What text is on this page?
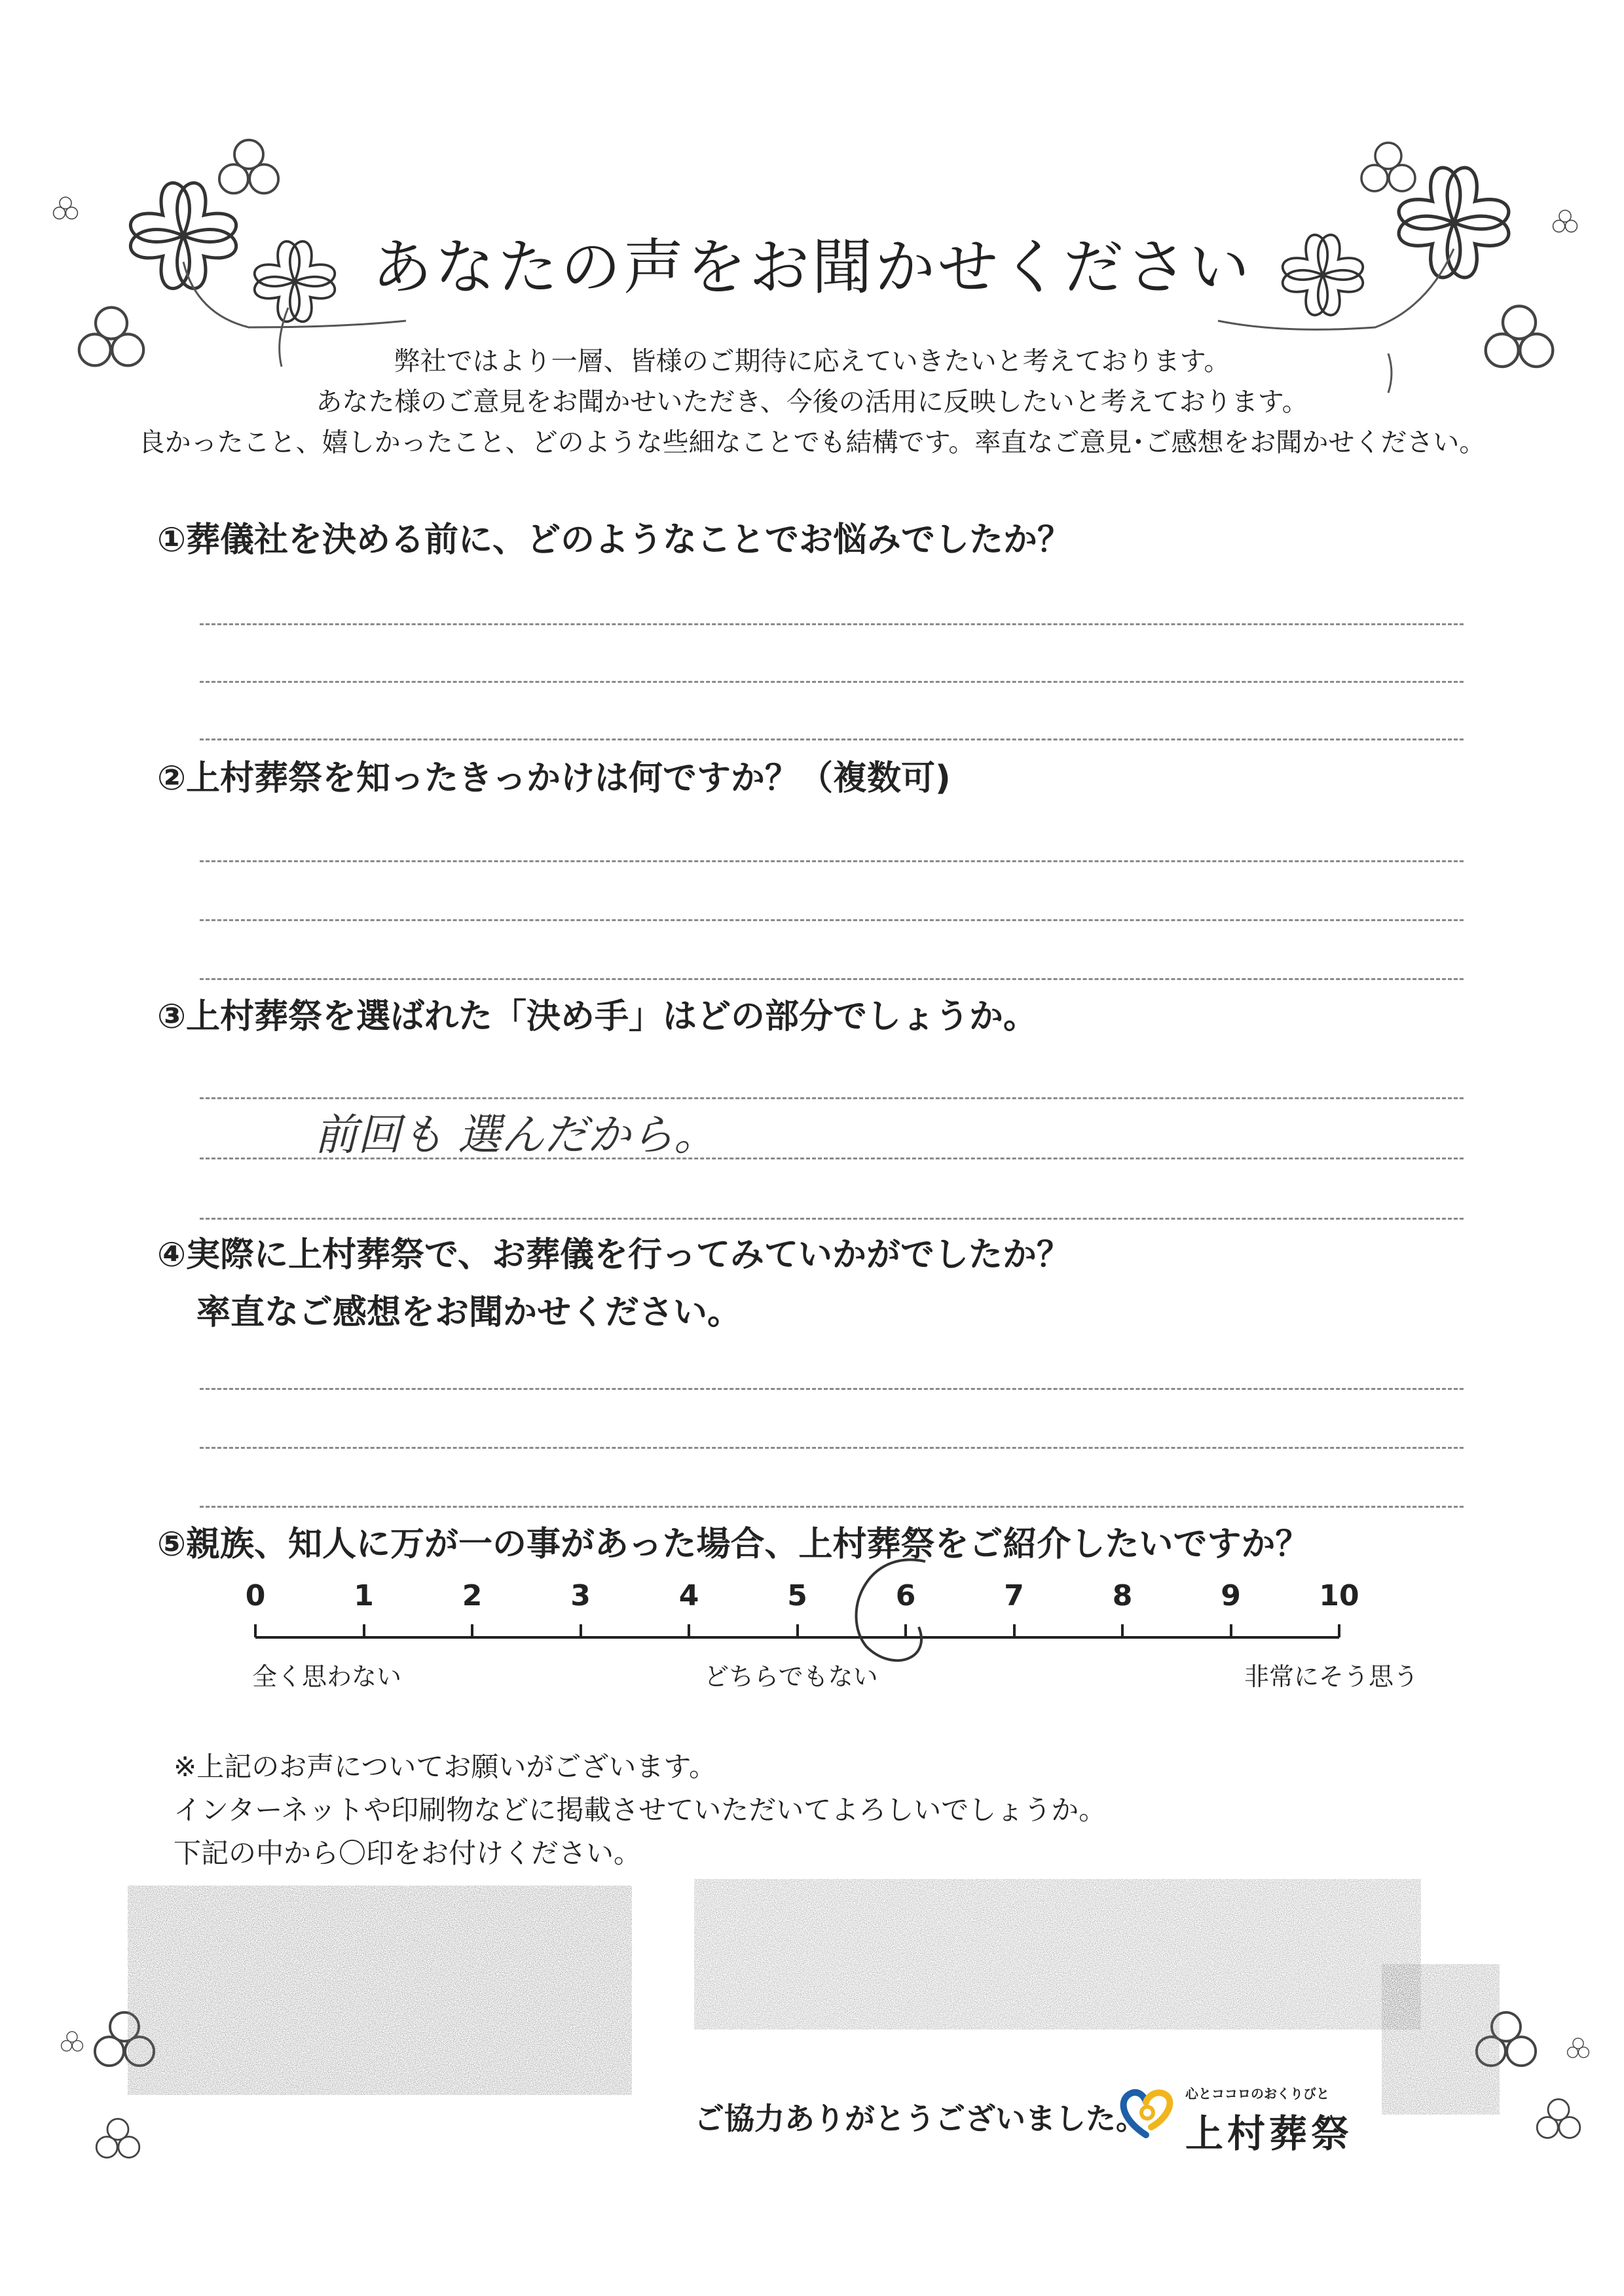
あなたの声をお聞かせください
弊社ではより一層、皆様のご期待に応えていきたいと考えております。
あなた様のご意見をお聞かせいただき、今後の活用に反映したいと考えております。
良かったこと、嬉しかったこと、どのような些細なことでも結構です。率直なご意見･ご感想をお聞かせください。
①葬儀社を決める前に、どのようなことでお悩みでしたか？
②上村葬祭を知ったきっかけは何ですか？（複数可)
③上村葬祭を選ばれた「決め手」はどの部分でしょうか。
前回も 選んだから。
④実際に上村葬祭で、お葬儀を行ってみていかがでしたか？
率直なご感想をお聞かせください。
⑤親族、知人に万が一の事があった場合、上村葬祭をご紹介したいですか？
0	1	2	3	4	5	6	7	8	9	10
全く思わない	どちらでもない	非常にそう思う
※上記のお声についてお願いがございます。
インターネットや印刷物などに掲載させていただいてよろしいでしょうか。
下記の中から〇印をお付けください。
ご協力ありがとうございました。
心とココロのおくりびと
上村葬祭
